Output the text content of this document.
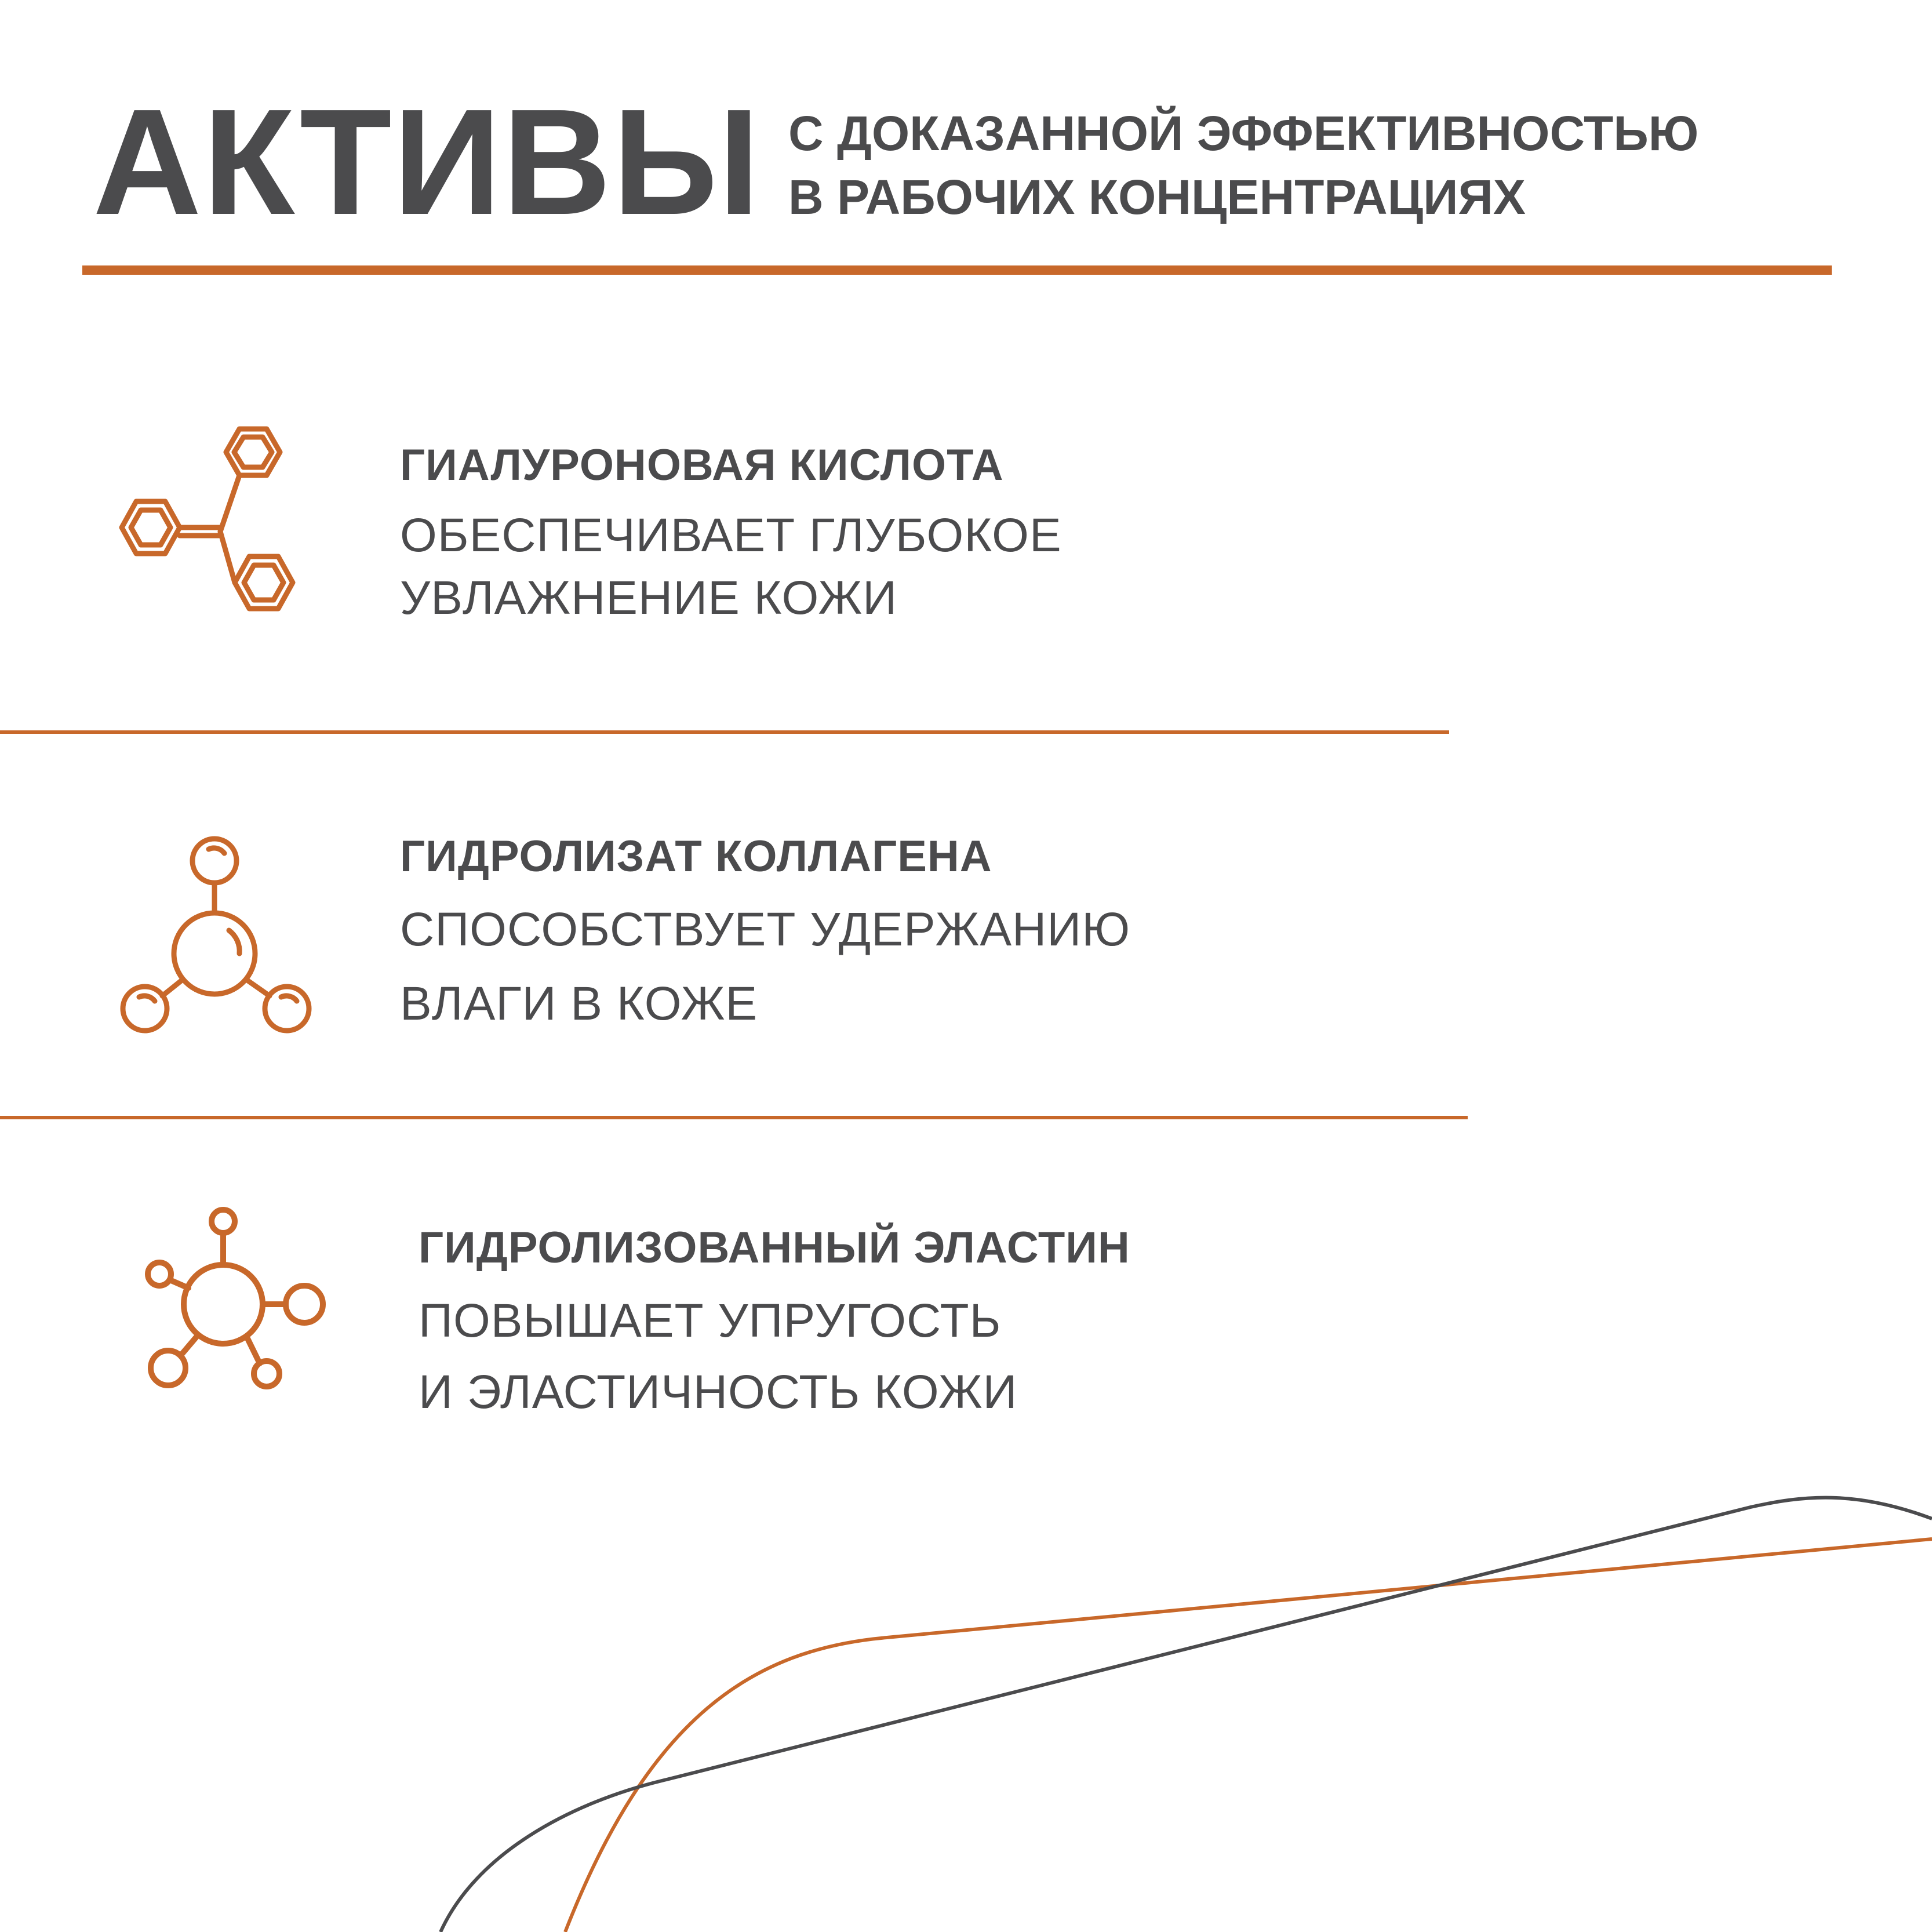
АКТИВЫ С ДОКАЗАННОЙ ЭФФЕКТИВНОСТЬЮ
В РАБОЧИХ КОНЦЕНТРАЦИЯХ
ГИАЛУРОНОВАЯ КИСЛОТА
ОБЕСПЕЧИВАЕТ ГЛУБОКОЕ
УВЛАЖНЕНИЕ КОЖИ
ГИДРОЛИЗАТ КОЛЛАГЕНА
СПОСОБСТВУЕТ УДЕРЖАНИЮ
ВЛАГИ В КОЖЕ
ГИДРОЛИЗОВАННЫЙ ЭЛАСТИН
ПОВЫШАЕТ УПРУГОСТЬ
И ЭЛАСТИЧНОСТЬ КОЖИ
